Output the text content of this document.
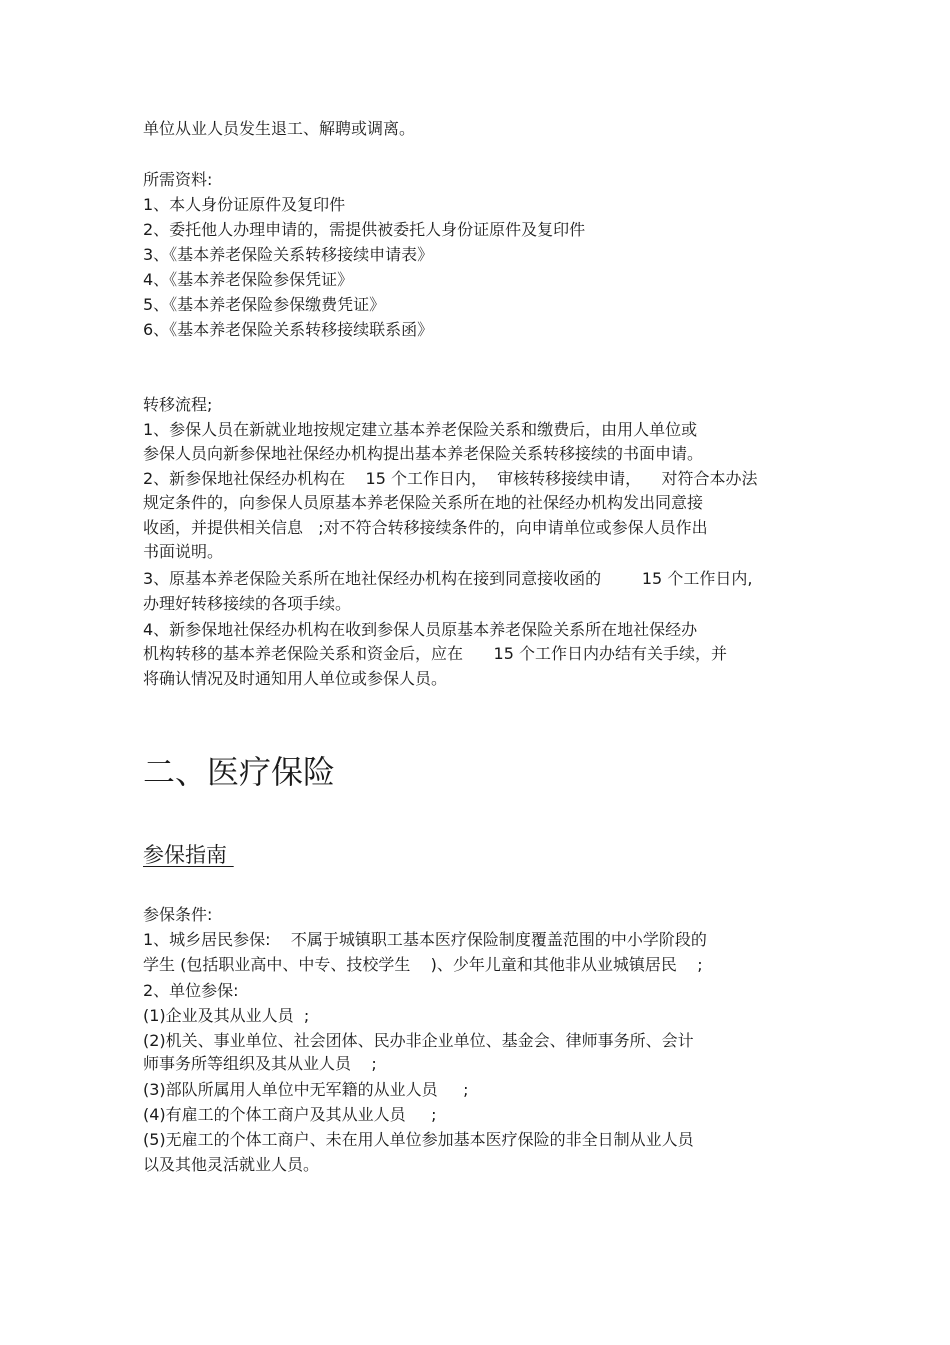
单位从业人员发生退工、解聘或调离。

所需资料:

1、本人身份证原件及复印件

2、委托他人办理申请的，需提供被委托人身份证原件及复印件

3、《基本养老保险关系转移接续申请表》

4、《基本养老保险参保凭证》

5、《基本养老保险参保缴费凭证》

6、《基本养老保险关系转移接续联系函》

转移流程;

1、参保人员在新就业地按规定建立基本养老保险关系和缴费后，由用人单位或

参保人员向新参保地社保经办机构提出基本养老保险关系转移接续的书面申请。

2、新参保地社保经办机构在    15 个工作日内，  审核转移接续申请，    对符合本办法

规定条件的，向参保人员原基本养老保险关系所在地的社保经办机构发出同意接

收函，并提供相关信息   ;对不符合转移接续条件的，向申请单位或参保人员作出

书面说明。

3、原基本养老保险关系所在地社保经办机构在接到同意接收函的        15 个工作日内,

办理好转移接续的各项手续。

4、新参保地社保经办机构在收到参保人员原基本养老保险关系所在地社保经办

机构转移的基本养老保险关系和资金后，应在      15 个工作日内办结有关手续，并

将确认情况及时通知用人单位或参保人员。

二、医疗保险
参保指南

参保条件:

1、城乡居民参保:    不属于城镇职工基本医疗保险制度覆盖范围的中小学阶段的

学生 (包括职业高中、中专、技校学生    )、少年儿童和其他非从业城镇居民    ;

2、单位参保:

(1)企业及其从业人员  ;

(2)机关、事业单位、社会团体、民办非企业单位、基金会、律师事务所、会计

师事务所等组织及其从业人员    ;

(3)部队所属用人单位中无军籍的从业人员     ;

(4)有雇工的个体工商户及其从业人员     ;

(5)无雇工的个体工商户、未在用人单位参加基本医疗保险的非全日制从业人员

以及其他灵活就业人员。
